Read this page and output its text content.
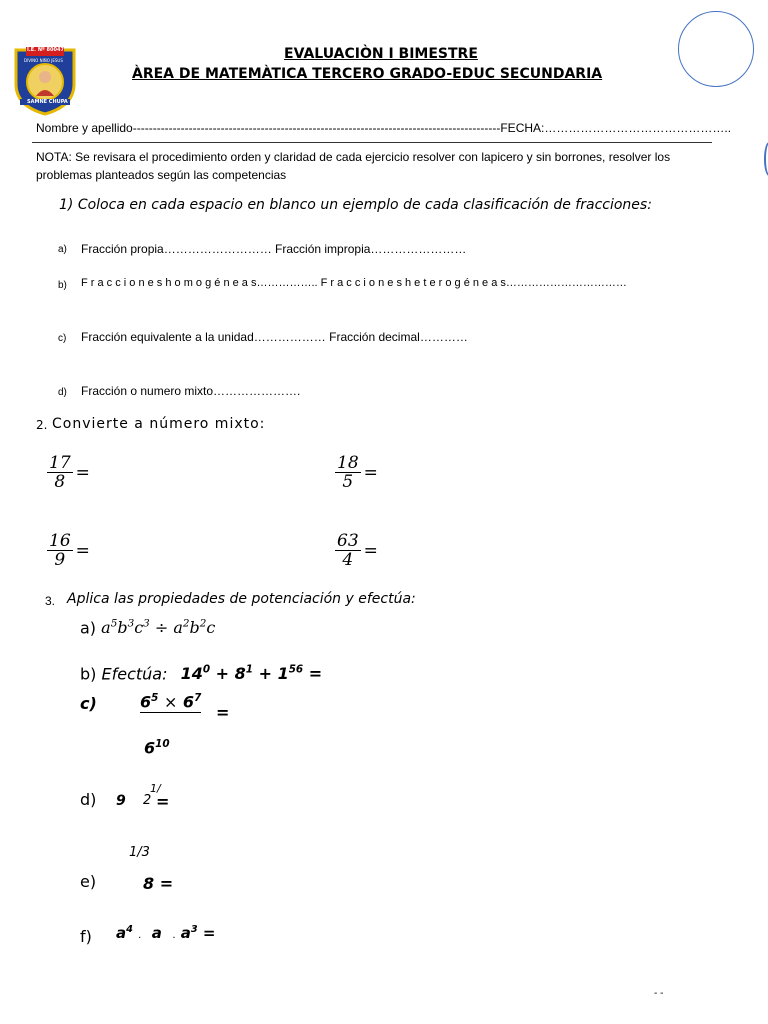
I.E. Nº 80047
DIVINO NIÑO JESUS
SAMNE CHUPA
EVALUACIÒN I BIMESTRE
ÀREA DE MATEMÀTICA TERCERO GRADO-EDUC SECUNDARIA
Nombre y apellido--------------------------------------------------------------------------------------------FECHA:………………………………………..
NOTA: Se revisara el procedimiento orden y claridad de cada ejercicio resolver con lapicero y sin borrones, resolver los
problemas planteados según las competencias
1) Coloca en cada espacio en blanco un ejemplo de cada clasificación de fracciones:
a) Fracción propia……………………… Fracción impropia……………………
b) F r a c c i o n e s h o m o g é n e a s…………….. F r a c c i o n e s h e t e r o g é n e a s……………………………
c) Fracción equivalente a la unidad……………… Fracción decimal…………
d) Fracción o numero mixto………………….
2. Convierte a número mixto:
$\frac{17}{8}$ =	$\frac{18}{5}$ =
$\frac{16}{9}$ =	$\frac{63}{4}$ =
3. Aplica las propiedades de potenciación y efectúa:
a) $a^5b^3c^3 \div a^2b^2c$
b) Efectúa: $14^0 + 8^1 + 1^{56}$ =
c)	$6^5 \times 6^7$
=
$6^{10}$
d) 9
1/
2 =
1/3
e)	8 =
f) $a^4$ .  a  . $a^3$ =
- -
